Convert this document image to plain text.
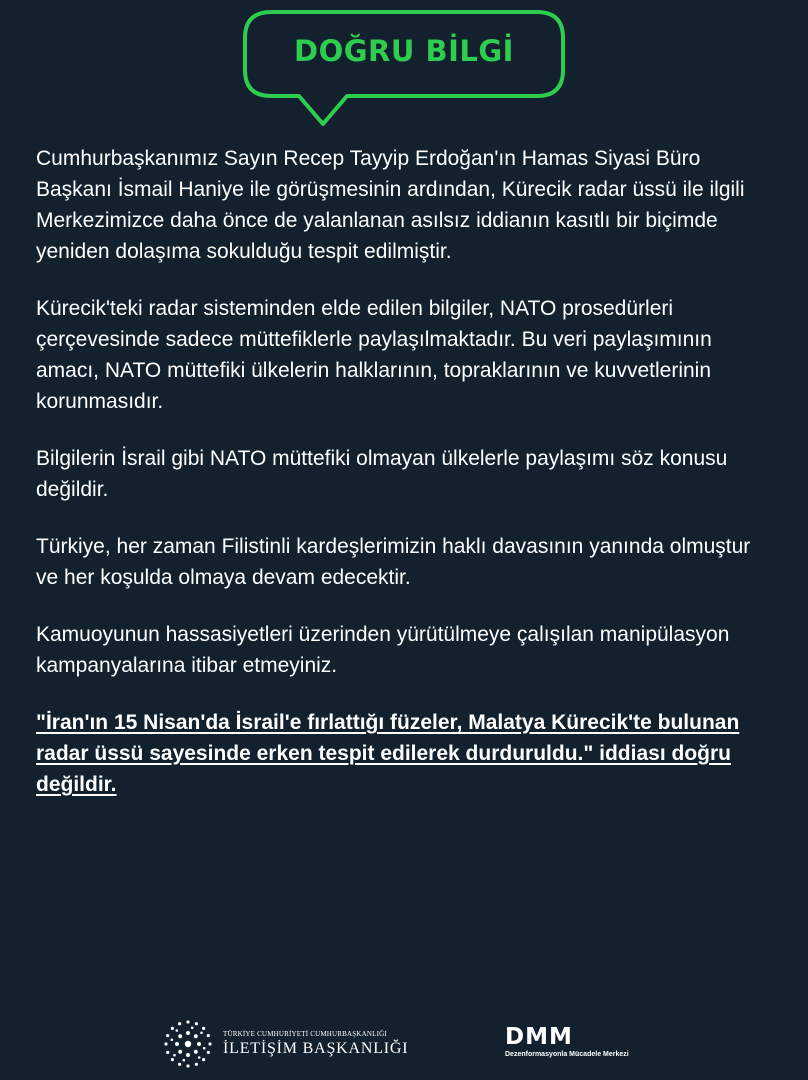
DOĞRU BİLGİ

Cumhurbaşkanımız Sayın Recep Tayyip Erdoğan'ın Hamas Siyasi Büro Başkanı İsmail Haniye ile görüşmesinin ardından, Kürecik radar üssü ile ilgili Merkezimizce daha önce de yalanlanan asılsız iddianın kasıtlı bir biçimde yeniden dolaşıma sokulduğu tespit edilmiştir.

Kürecik'teki radar sisteminden elde edilen bilgiler, NATO prosedürleri çerçevesinde sadece müttefiklerle paylaşılmaktadır. Bu veri paylaşımının amacı, NATO müttefiki ülkelerin halklarının, topraklarının ve kuvvetlerinin korunmasıdır.

Bilgilerin İsrail gibi NATO müttefiki olmayan ülkelerle paylaşımı söz konusu değildir.

Türkiye, her zaman Filistinli kardeşlerimizin haklı davasının yanında olmuştur ve her koşulda olmaya devam edecektir.

Kamuoyunun hassasiyetleri üzerinden yürütülmeye çalışılan manipülasyon kampanyalarına itibar etmeyiniz.

"İran'ın 15 Nisan'da İsrail'e fırlattığı füzeler, Malatya Kürecik'te bulunan radar üssü sayesinde erken tespit edilerek durduruldu." iddiası doğru değildir.

TÜRKİYE CUMHURİYETİ CUMHURBAŞKANLIĞI
İLETİŞİM BAŞKANLIĞI	DMM
Dezenformasyonla Mücadele Merkezi
